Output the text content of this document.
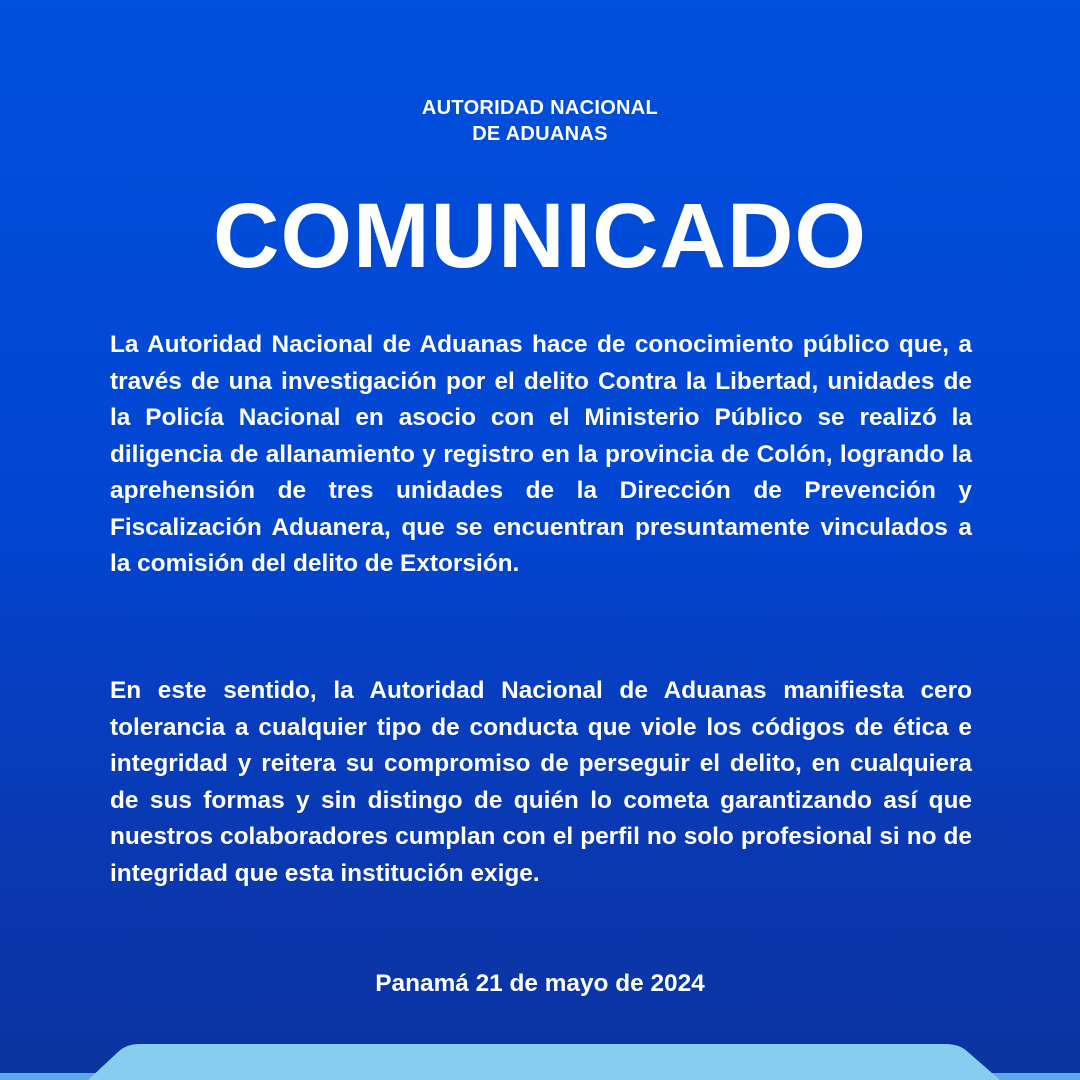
AUTORIDAD NACIONAL
DE ADUANAS
COMUNICADO

La Autoridad Nacional de Aduanas hace de conocimiento público que, a través de una investigación por el delito Contra la Libertad, unidades de la Policía Nacional en asocio con el Ministerio Público se realizó la diligencia de allanamiento y registro en la provincia de Colón, logrando la aprehensión de tres unidades de la Dirección de Prevención y Fiscalización Aduanera, que se encuentran presuntamente vinculados a la comisión del delito de Extorsión.

En este sentido, la Autoridad Nacional de Aduanas manifiesta cero tolerancia a cualquier tipo de conducta que viole los códigos de ética e integridad y reitera su compromiso de perseguir el delito, en cualquiera de sus formas y sin distingo de quién lo cometa garantizando así que nuestros colaboradores cumplan con el perfil no solo profesional si no de integridad que esta institución exige.

Panamá 21 de mayo de 2024
